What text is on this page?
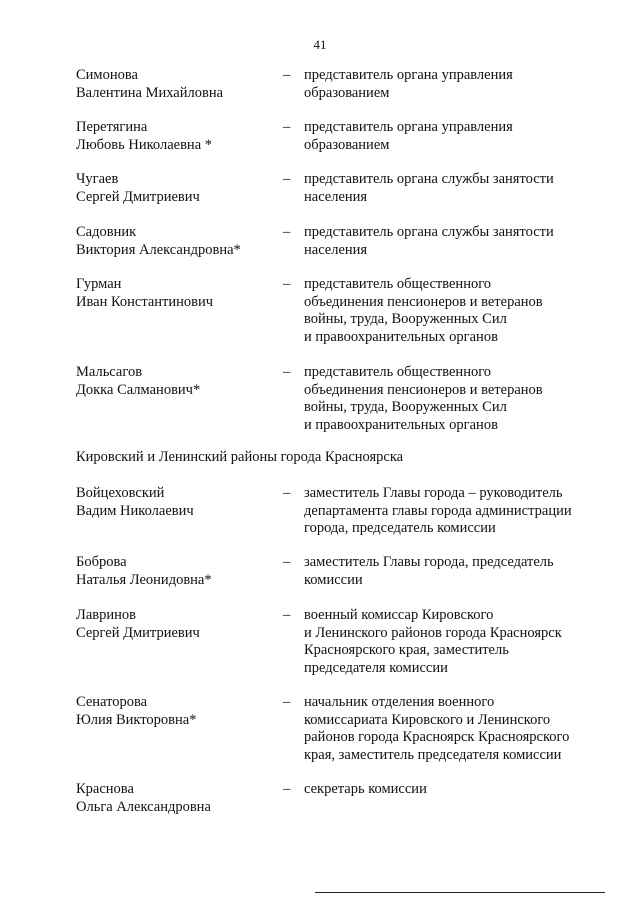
41
Симонова
Валентина Михайловна
– представитель органа управления
образованием
Перетягина
Любовь Николаевна *
– представитель органа управления
образованием
Чугаев
Сергей Дмитриевич
– представитель органа службы занятости
населения
Садовник
Виктория Александровна*
– представитель органа службы занятости
населения
Гурман
Иван Константинович
– представитель общественного
объединения пенсионеров и ветеранов
войны, труда, Вооруженных Сил
и правоохранительных органов
Мальсагов
Докка Салманович*
– представитель общественного
объединения пенсионеров и ветеранов
войны, труда, Вооруженных Сил
и правоохранительных органов
Кировский и Ленинский районы города Красноярска
Войцеховский
Вадим Николаевич
– заместитель Главы города – руководитель
департамента главы города администрации
города, председатель комиссии
Боброва
Наталья Леонидовна*
– заместитель Главы города, председатель
комиссии
Лавринов
Сергей Дмитриевич
– военный комиссар Кировского
и Ленинского районов города Красноярск
Красноярского края, заместитель
председателя комиссии
Сенаторова
Юлия Викторовна*
– начальник отделения военного
комиссариата Кировского и Ленинского
районов города Красноярск Красноярского
края, заместитель председателя комиссии
Краснова
Ольга Александровна
– секретарь комиссии
